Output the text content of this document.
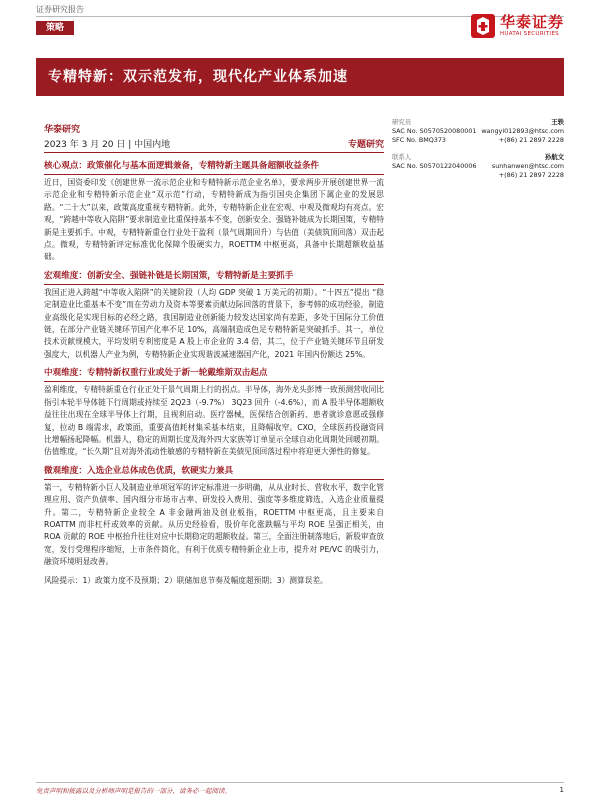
证券研究报告
策略	华泰证券
HUATAI SECURITIES
专精特新：双示范发布，现代化产业体系加速
华泰研究
2023 年 3 月 20 日 | 中国内地	专题研究
研究员	王轶
SAC No. S0570520080001 wangyi012893@htsc.com
SFC No. BMQ373	+(86) 21 2897 2228
联系人	孙航文
SAC No. S0570122040006 sunhanwen@htsc.com
+(86) 21 2897 2228
核心观点：政策催化与基本面逻辑兼备，专精特新主题具备超额收益条件
近日，国资委印发《创建世界一流示范企业和专精特新示范企业名单》，要求两步开展创建世界一流示范企业和专精特新示范企业“双示范”行动，专精特新成为指引国央企集团下属企业的发展思路。“二十大”以来，政策高度重视专精特新。此外，专精特新企业在宏观、中观及微观均有亮点。宏观，“跨越中等收入陷阱”要求制造业比重保持基本不变，创新安全、强链补链成为长期国策，专精特新是主要抓手。中观，专精特新重仓行业处于盈利（景气周期回升）与估值（美债筑顶回落）双击起点。微观，专精特新评定标准优化保障个股硬实力，ROETTM 中枢更高，具备中长期超额收益基础。
宏观维度：创新安全、强链补链是长期国策，专精特新是主要抓手
我国正进入跨越“中等收入陷阱”的关键阶段（人均 GDP 突破 1 万美元的初期）。“十四五”提出 “稳定制造业比重基本不变”而在劳动力及资本等要素贡献边际回落的背景下，参考韩的成功经验，制造业高级化是实现目标的必经之路，我国制造业创新能力较发达国家尚有差距，多处于国际分工价值链，在部分产业链关键环节国产化率不足 10%，高端制造成色足专精特新是突破抓手。其一，单位技术贡献规模大，平均发明专利密度是 A 股上市企业的 3.4 倍，其二，位于产业链关键环节且研发强度大，以机器人产业为例，专精特新企业实现谐波减速器国产化，2021 年国内份额达 25%。
中观维度：专精特新权重行业或处于新一轮戴维斯双击起点
盈利维度，专精特新重仓行业正处于景气周期上行的拐点。半导体，海外龙头彭博一致预测营收同比指引本轮半导体链下行周期或持续至 2Q23（-9.7%） 3Q23 回升（-4.6%），而 A 股半导体超额收益往往出现在全球半导体上行期，且视利启动。医疗器械，医保结合创新药、患者就诊意愿或强修复，拉动 B 端需求，政策面，重要高值耗材集采基本结束，且降幅收窄。CXO，全球医药投融资同比增幅扬起降幅。机器人，稳定的周期长度及海外四大家族等订单显示全球自动化周期处回暖初期。估值维度，“长久期”且对海外流动性敏感的专精特新在美债见顶回落过程中将迎更大弹性的修复。
微观维度：入选企业总体成色优质，软硬实力兼具
第一，专精特新小巨人及制造业单项冠军的评定标准进一步明确，从从业时长、营收水平，数字化管理应用、资产负债率、国内细分市场市占率、研发投入费用、强度等多维度筛选，入选企业质量提升。第二，专精特新企业较全 A 非金融两油及创业板指，ROETTM 中枢更高，且主要来自 ROATTM 而非杠杆或效率的贡献。从历史经验看，股价年化涨跌幅与平均 ROE 呈强正相关，由 ROA 贡献的 ROE 中枢抬升往往对应中长期稳定的超额收益。第三，全面注册制落地后，新股审查放宽，发行受理程序缩短，上市条件简化，有利于优质专精特新企业上市，提升对 PE/VC 的吸引力，融资环境明显改善。
风险提示：1）政策力度不及预期；2）联储加息节奏及幅度超预期；3）测算误差。
免责声明和披露以及分析师声明是报告的一部分，请务必一起阅读。	1
